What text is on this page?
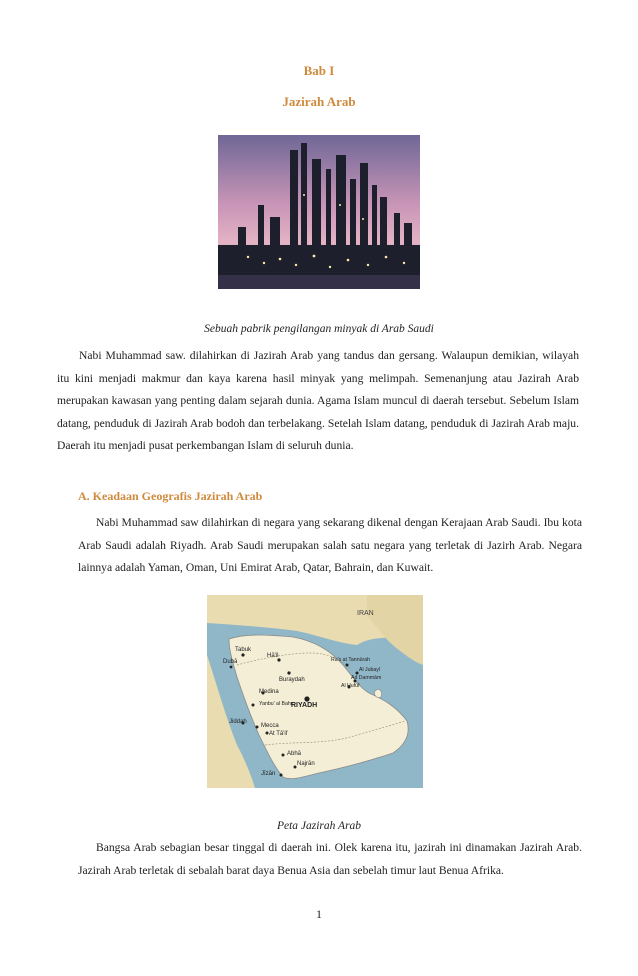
Bab I
Jazirah Arab
Sebuah pabrik pengilangan minyak di Arab Saudi
Nabi Muhammad saw. dilahirkan di Jazirah Arab yang tandus dan gersang. Walaupun demikian, wilayah itu kini menjadi makmur dan kaya karena hasil minyak yang melimpah. Semenanjung atau Jazirah Arab merupakan kawasan yang penting dalam sejarah dunia. Agama Islam muncul di daerah tersebut. Sebelum Islam datang, penduduk di Jazirah Arab bodoh dan terbelakang. Setelah Islam datang, penduduk di Jazirah Arab maju. Daerah itu menjadi pusat perkembangan Islam di seluruh dunia.
A. Keadaan Geografis Jazirah Arab
Nabi Muhammad saw dilahirkan di negara yang sekarang dikenal dengan Kerajaan Arab Saudi. Ibu kota Arab Saudi adalah Riyadh. Arab Saudi merupakan salah satu negara yang terletak di Jazirh Arab. Negara lainnya adalah Yaman, Oman, Uni Emirat Arab, Qatar, Bahrain, dan Kuwait.
IRAN
Tabuk
Dubā
Hā'il
Buraydah
Ra's at Tannūrah
Al Jubayl
Ad Dammām
Al Hufūf
RIYADH
Medina
Yanbu' al Bahr
Jiddah
Mecca
At Tā'if
Abhā
Jīzān
Najrān
Peta Jazirah Arab
Bangsa Arab sebagian besar tinggal di daerah ini. Olek karena itu, jazirah ini dinamakan Jazirah Arab. Jazirah Arab terletak di sebalah barat daya Benua Asia dan sebelah timur laut Benua Afrika.
1
